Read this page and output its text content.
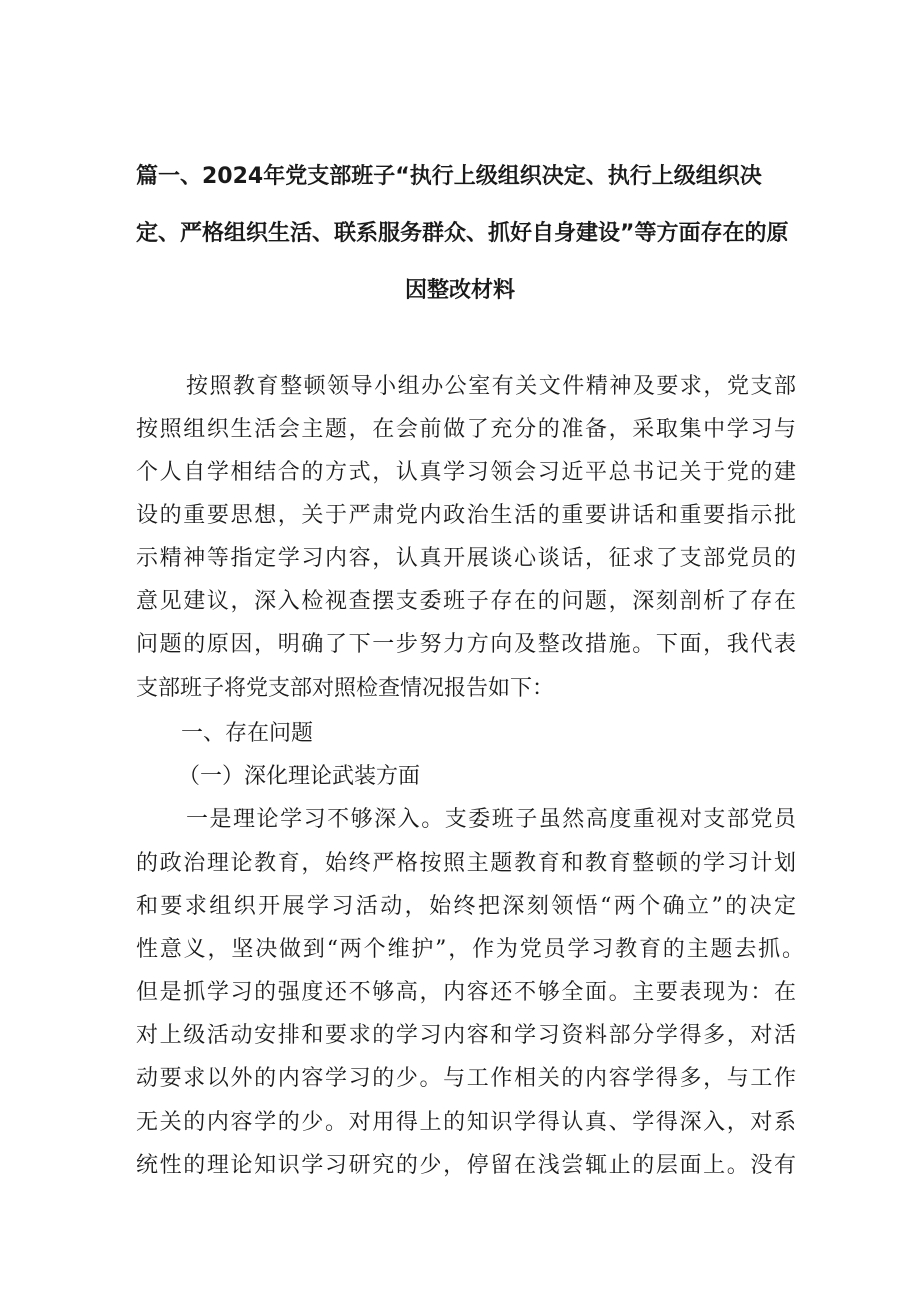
篇一、2024年党支部班子“执行上级组织决定、执行上级组织决
定、严格组织生活、联系服务群众、抓好自身建设”等方面存在的原
因整改材料
按照教育整顿领导小组办公室有关文件精神及要求，党支部
按照组织生活会主题，在会前做了充分的准备，采取集中学习与
个人自学相结合的方式，认真学习领会习近平总书记关于党的建
设的重要思想，关于严肃党内政治生活的重要讲话和重要指示批
示精神等指定学习内容，认真开展谈心谈话，征求了支部党员的
意见建议，深入检视查摆支委班子存在的问题，深刻剖析了存在
问题的原因，明确了下一步努力方向及整改措施。下面，我代表
支部班子将党支部对照检查情况报告如下：
一、存在问题
（一）深化理论武装方面
一是理论学习不够深入。支委班子虽然高度重视对支部党员
的政治理论教育，始终严格按照主题教育和教育整顿的学习计划
和要求组织开展学习活动，始终把深刻领悟“两个确立”的决定
性意义，坚决做到“两个维护”，作为党员学习教育的主题去抓。
但是抓学习的强度还不够高，内容还不够全面。主要表现为：在
对上级活动安排和要求的学习内容和学习资料部分学得多，对活
动要求以外的内容学习的少。与工作相关的内容学得多，与工作
无关的内容学的少。对用得上的知识学得认真、学得深入，对系
统性的理论知识学习研究的少，停留在浅尝辄止的层面上。没有
